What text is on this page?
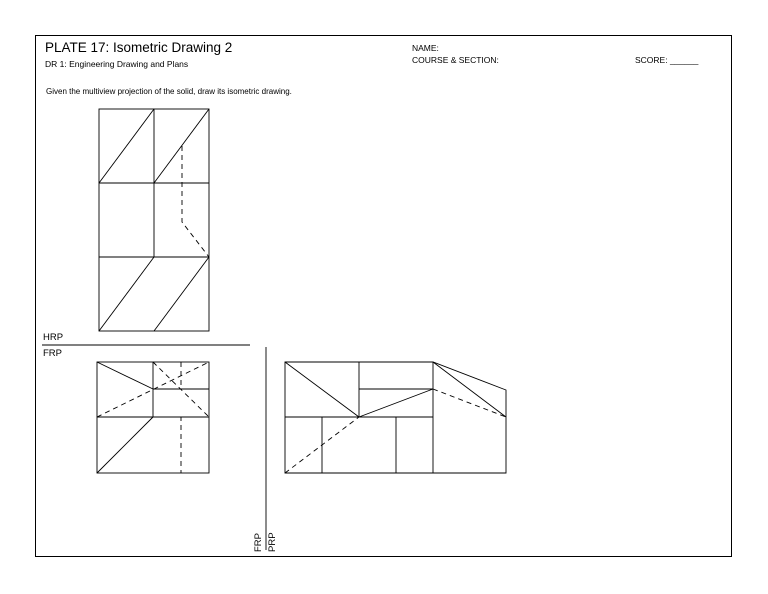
PLATE 17: Isometric Drawing 2
DR 1: Engineering Drawing and Plans
NAME:
COURSE & SECTION:	SCORE: ______
Given the multiview projection of the solid, draw its isometric drawing.
HRP
FRP
FRP PRP
